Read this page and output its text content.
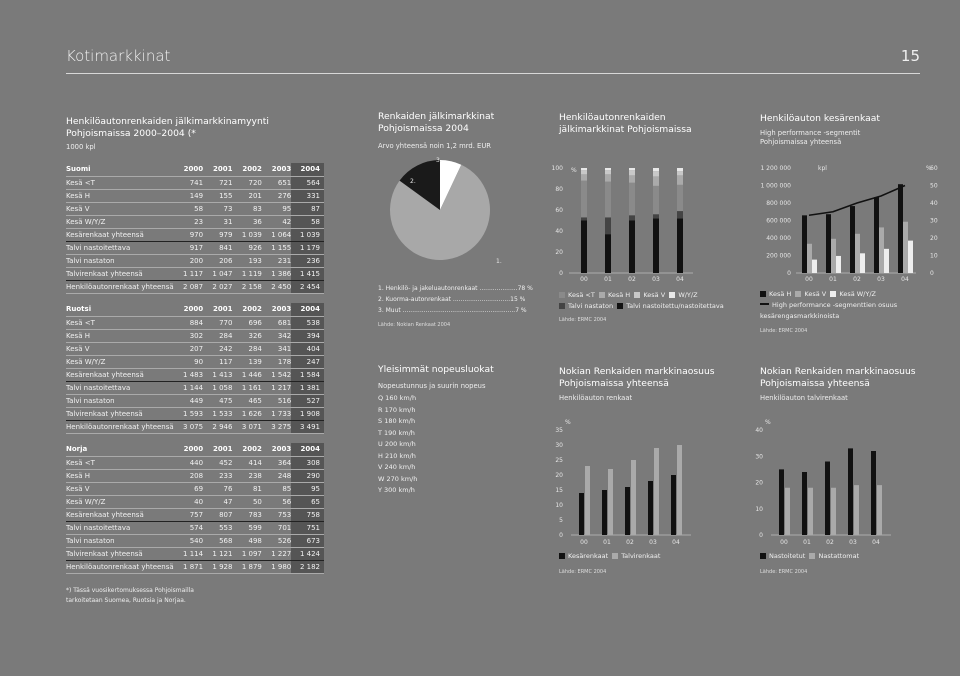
Kotimarkkinat	15
Henkilöautonrenkaiden jälkimarkkinamyynti
Pohjoismaissa 2000–2004 (*
1000 kpl
Suomi	2000	2001	2002	2003	2004
Kesä <T	741	721	720	651	564
Kesä H	149	155	201	276	331
Kesä V	58	73	83	95	87
Kesä W/Y/Z	23	31	36	42	58
Kesärenkaat yhteensä	970	979	1 039	1 064	1 039
Talvi nastoitettava	917	841	926	1 155	1 179
Talvi nastaton	200	206	193	231	236
Talvirenkaat yhteensä	1 117	1 047	1 119	1 386	1 415
Henkilöautonrenkaat yhteensä	2 087	2 027	2 158	2 450	2 454
Ruotsi	2000	2001	2002	2003	2004
Kesä <T	884	770	696	681	538
Kesä H	302	284	326	342	394
Kesä V	207	242	284	341	404
Kesä W/Y/Z	90	117	139	178	247
Kesärenkaat yhteensä	1 483	1 413	1 446	1 542	1 584
Talvi nastoitettava	1 144	1 058	1 161	1 217	1 381
Talvi nastaton	449	475	465	516	527
Talvirenkaat yhteensä	1 593	1 533	1 626	1 733	1 908
Henkilöautonrenkaat yhteensä	3 075	2 946	3 071	3 275	3 491
Norja	2000	2001	2002	2003	2004
Kesä <T	440	452	414	364	308
Kesä H	208	233	238	248	290
Kesä V	69	76	81	85	95
Kesä W/Y/Z	40	47	50	56	65
Kesärenkaat yhteensä	757	807	783	753	758
Talvi nastoitettava	574	553	599	701	751
Talvi nastaton	540	568	498	526	673
Talvirenkaat yhteensä	1 114	1 121	1 097	1 227	1 424
Henkilöautonrenkaat yhteensä	1 871	1 928	1 879	1 980	2 182
*) Tässä vuosikertomuksessa Pohjoismailla
tarkoitetaan Suomea, Ruotsia ja Norjaa.
Renkaiden jälkimarkkinat
Pohjoismaissa 2004
Arvo yhteensä noin 1,2 mrd. EUR
1.
2.
3.
1. Henkilö- ja jakeluautonrenkaat ....................78 %
2. Kuorma-autonrenkaat ..............................15 %
3. Muut ...........................................................7 %
Lähde: Nokian Renkaat 2004
Yleisimmät nopeusluokat
Nopeustunnus ja suurin nopeus
Q 160 km/h
R 170 km/h
S 180 km/h
T 190 km/h
U 200 km/h
H 210 km/h
V 240 km/h
W 270 km/h
Y 300 km/h
Henkilöautonrenkaiden
jälkimarkkinat Pohjoismaissa
0
20
40
60
80
100 %
00	01	02	03	04
Kesä <T Kesä H Kesä V W/Y/Z
Talvi nastaton Talvi nastoitettu/nastoitettava
Lähde: ERMC 2004
Henkilöauton kesärenkaat
High performance -segmentit
Pohjoismaissa yhteensä
0
200 000
400 000
600 000
800 000
1 000 000
1 200 000
0
10
20
30
40
50
60
kpl	%
00	01	02	03	04
Kesä H Kesä V Kesä W/Y/Z
High performance -segmenttien osuus
kesärengasmarkkinoista
Lähde: ERMC 2004
Nokian Renkaiden markkinaosuus
Pohjoismaissa yhteensä
Henkilöauton renkaat
0
5
10
15
20
25
30
35
%
00	01	02	03	04
Kesärenkaat Talvirenkaat
Lähde: ERMC 2004
Nokian Renkaiden markkinaosuus
Pohjoismaissa yhteensä
Henkilöauton talvirenkaat
0
10
20
30
40
%
00	01	02	03	04
Nastoitetut Nastattomat
Lähde: ERMC 2004
